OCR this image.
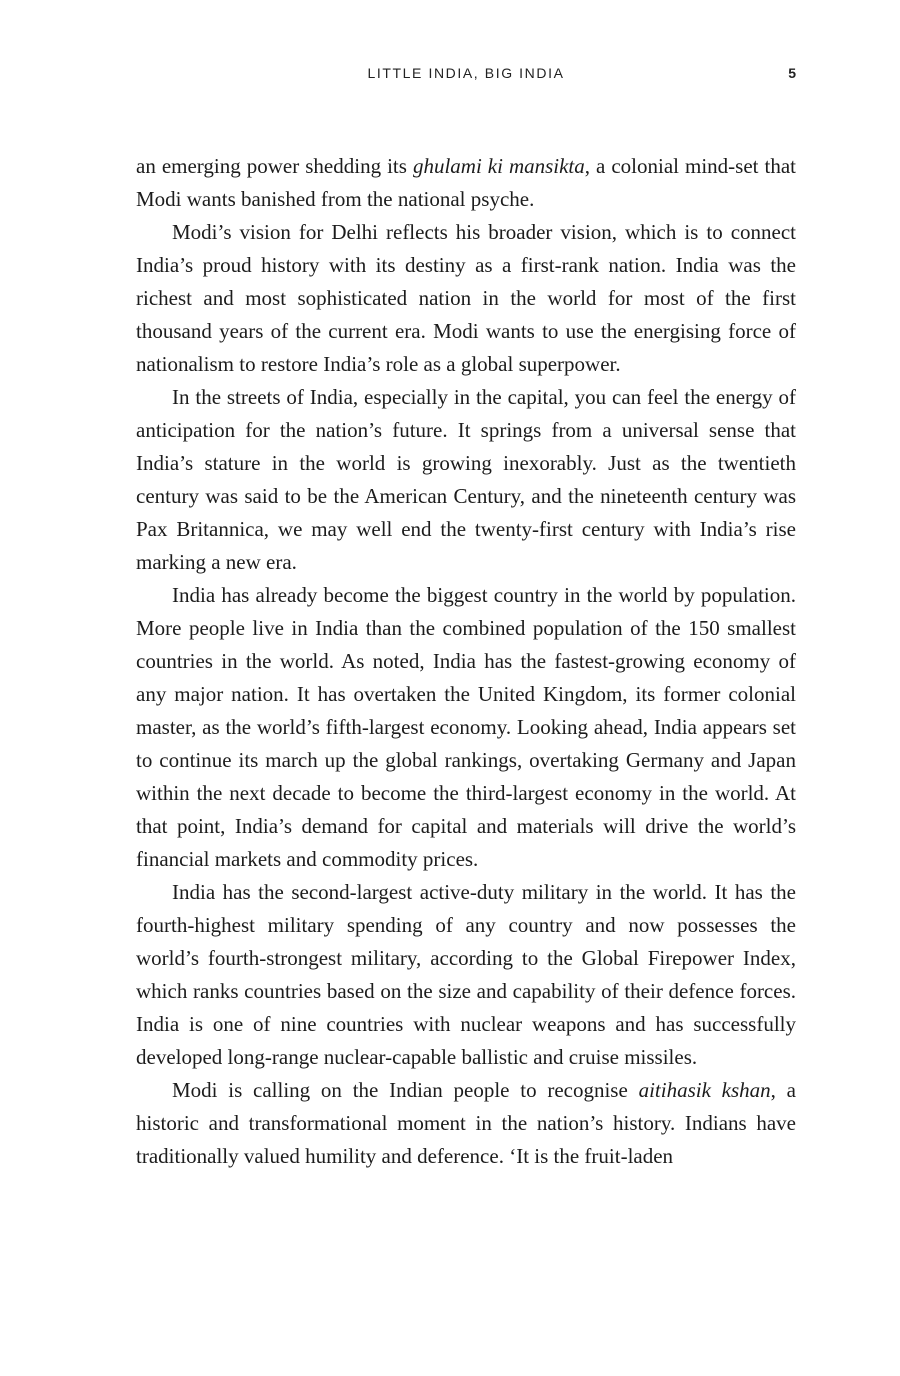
LITTLE INDIA, BIG INDIA	5

an emerging power shedding its ghulami ki mansikta, a colonial mind-set that Modi wants banished from the national psyche.

Modi’s vision for Delhi reflects his broader vision, which is to connect India’s proud history with its destiny as a first-rank nation. India was the richest and most sophisticated nation in the world for most of the first thousand years of the current era. Modi wants to use the energising force of nationalism to restore India’s role as a global superpower.

In the streets of India, especially in the capital, you can feel the energy of anticipation for the nation’s future. It springs from a universal sense that India’s stature in the world is growing inexorably. Just as the twentieth century was said to be the American Century, and the nineteenth century was Pax Britannica, we may well end the twenty-first century with India’s rise marking a new era.

India has already become the biggest country in the world by population. More people live in India than the combined population of the 150 smallest countries in the world. As noted, India has the fastest-growing economy of any major nation. It has overtaken the United Kingdom, its former colonial master, as the world’s fifth-largest economy. Looking ahead, India appears set to continue its march up the global rankings, overtaking Germany and Japan within the next decade to become the third-largest economy in the world. At that point, India’s demand for capital and materials will drive the world’s financial markets and commodity prices.

India has the second-largest active-duty military in the world. It has the fourth-highest military spending of any country and now possesses the world’s fourth-strongest military, according to the Global Firepower Index, which ranks countries based on the size and capability of their defence forces. India is one of nine countries with nuclear weapons and has successfully developed long-range nuclear-capable ballistic and cruise missiles.

Modi is calling on the Indian people to recognise aitihasik kshan, a historic and transformational moment in the nation’s history. Indians have traditionally valued humility and deference. ‘It is the fruit-laden
